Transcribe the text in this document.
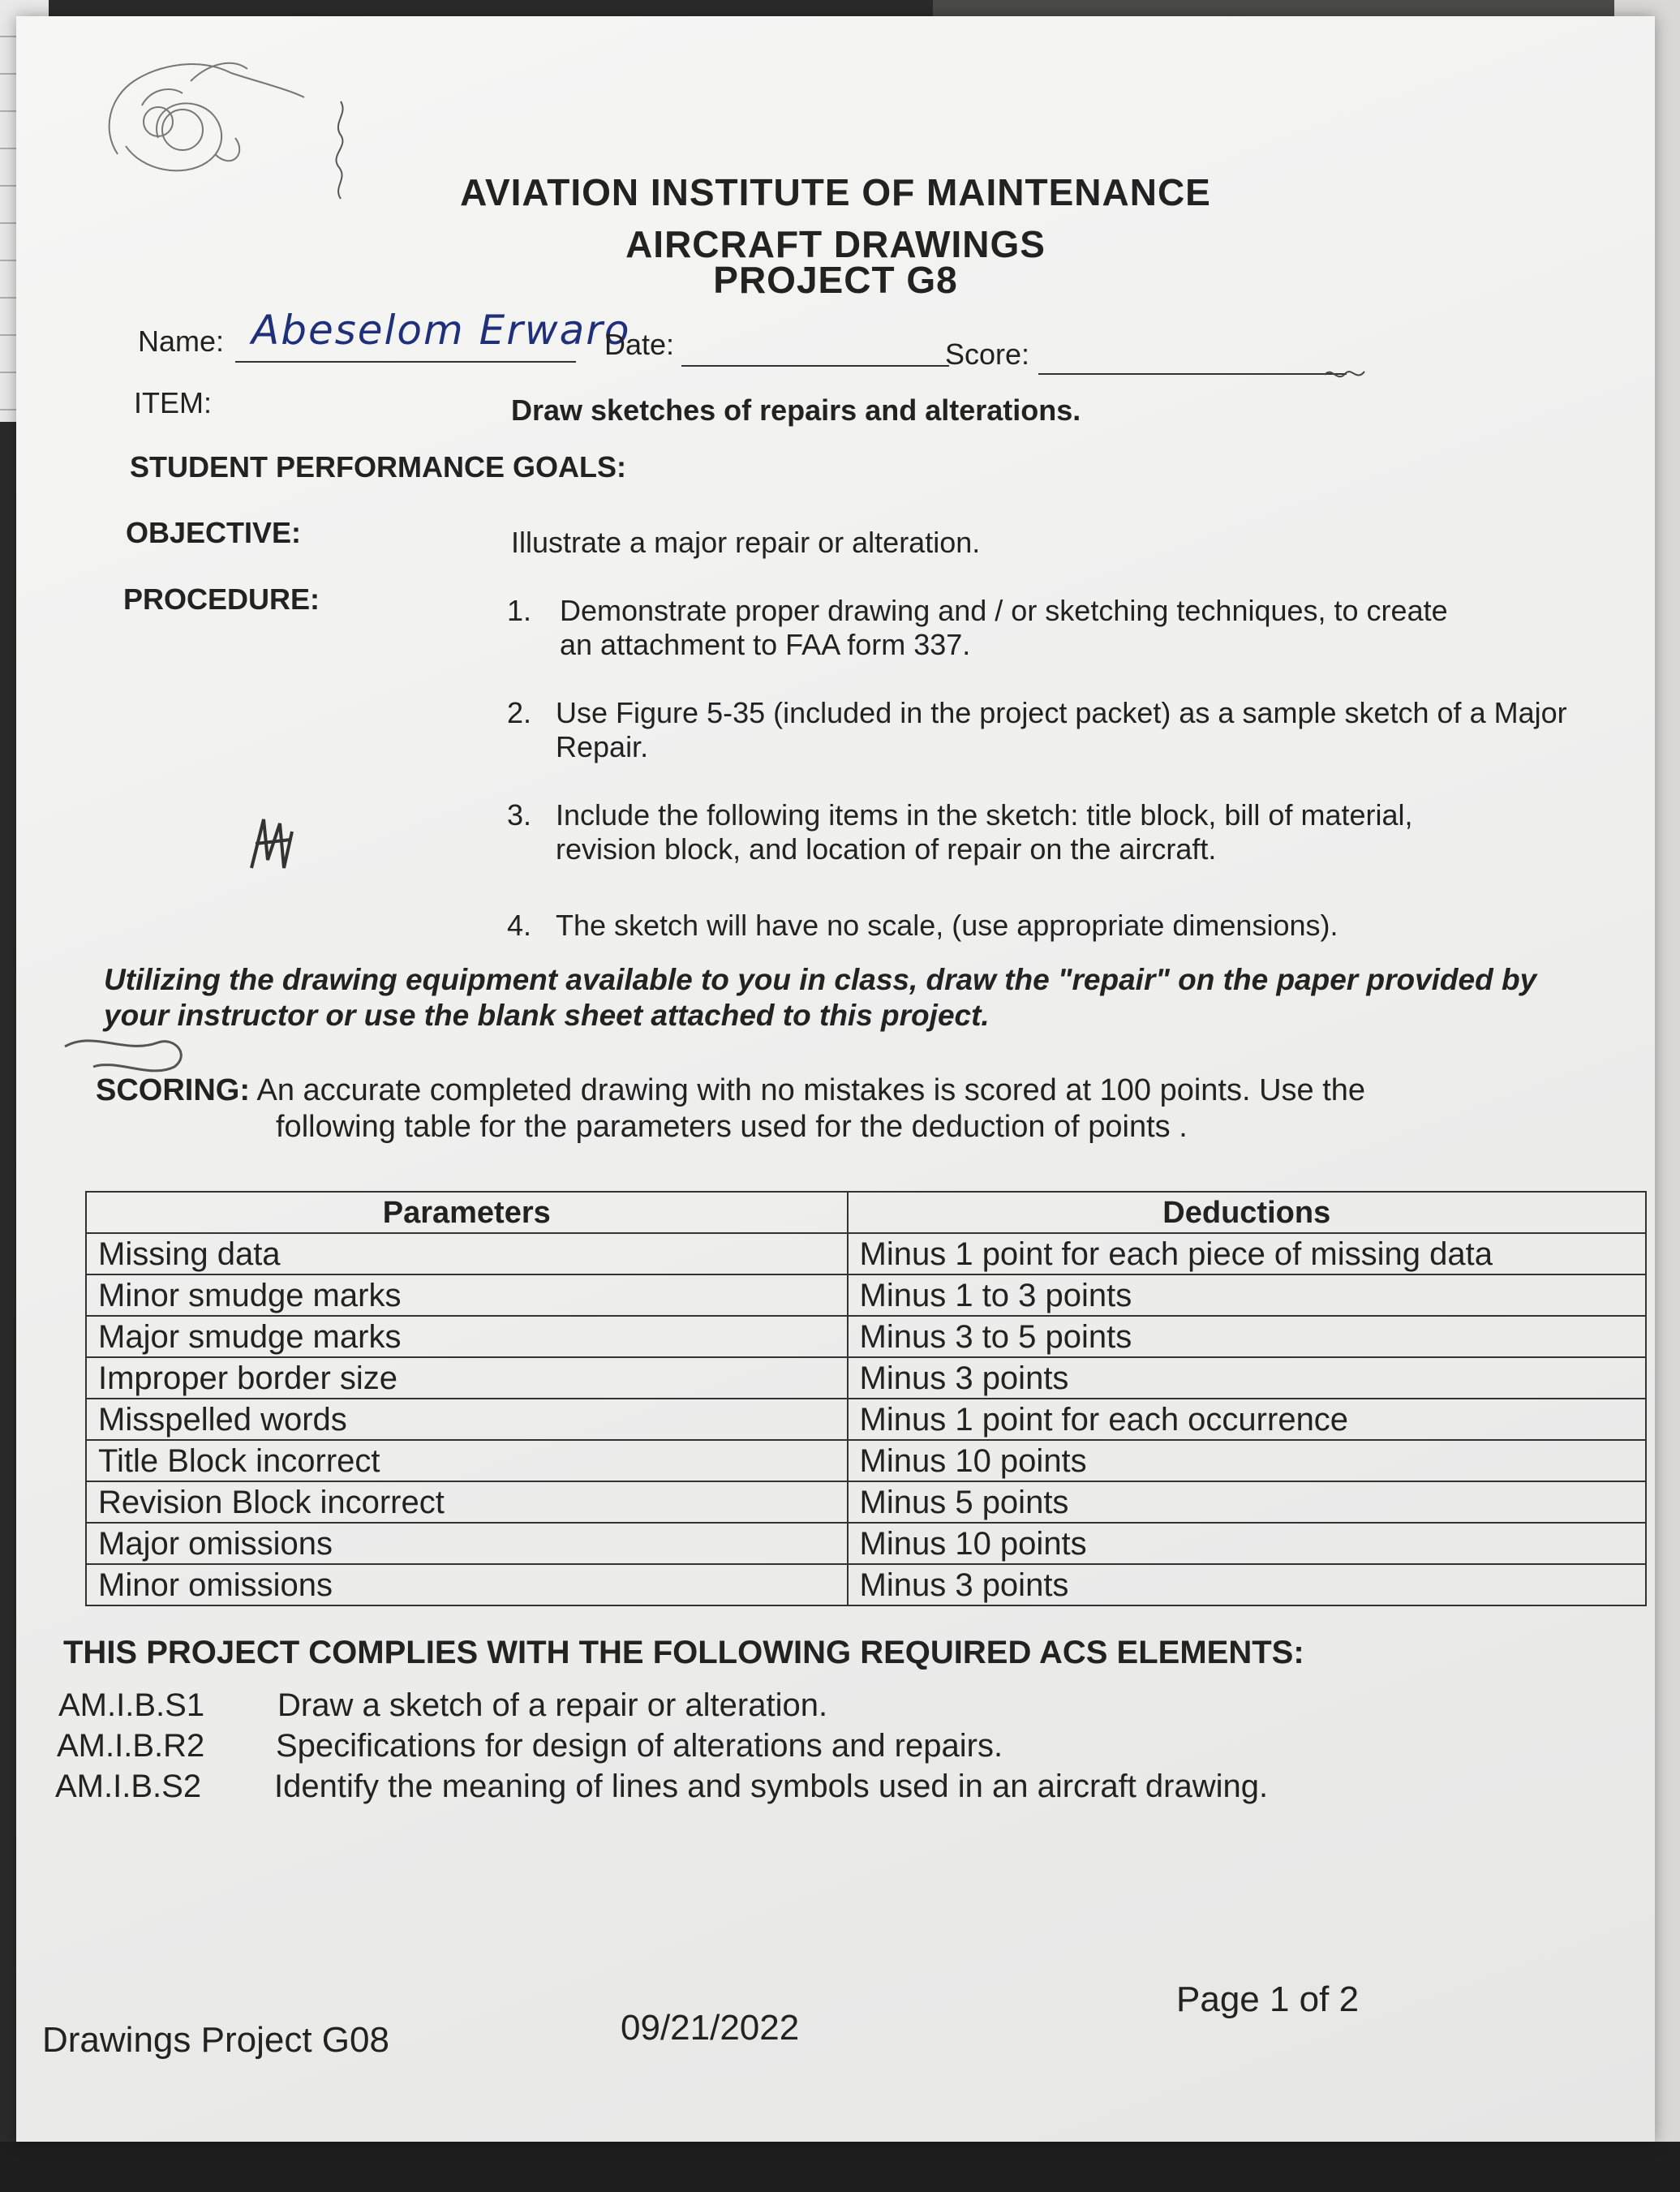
AVIATION INSTITUTE OF MAINTENANCE
AIRCRAFT DRAWINGS
PROJECT G8
Name: Abeselom Erwaro
Date:	Score:
ITEM:	Draw sketches of repairs and alterations.
STUDENT PERFORMANCE GOALS:
OBJECTIVE:	Illustrate a major repair or alteration.
PROCEDURE:	1. Demonstrate proper drawing and / or sketching techniques, to create an attachment to FAA form 337.
2. Use Figure 5-35 (included in the project packet) as a sample sketch of a Major Repair.
3. Include the following items in the sketch: title block, bill of material, revision block, and location of repair on the aircraft.
4. The sketch will have no scale, (use appropriate dimensions).
Utilizing the drawing equipment available to you in class, draw the "repair" on the paper provided by your instructor or use the blank sheet attached to this project.
SCORING: An accurate completed drawing with no mistakes is scored at 100 points. Use the
following table for the parameters used for the deduction of points .
Parameters	Deductions
Missing data	Minus 1 point for each piece of missing data
Minor smudge marks	Minus 1 to 3 points
Major smudge marks	Minus 3 to 5 points
Improper border size	Minus 3 points
Misspelled words	Minus 1 point for each occurrence
Title Block incorrect	Minus 10 points
Revision Block incorrect	Minus 5 points
Major omissions	Minus 10 points
Minor omissions	Minus 3 points
THIS PROJECT COMPLIES WITH THE FOLLOWING REQUIRED ACS ELEMENTS:
AM.I.B.S1 Draw a sketch of a repair or alteration.
AM.I.B.R2 Specifications for design of alterations and repairs.
AM.I.B.S2 Identify the meaning of lines and symbols used in an aircraft drawing.
Drawings Project G08	09/21/2022
Page 1 of 2
